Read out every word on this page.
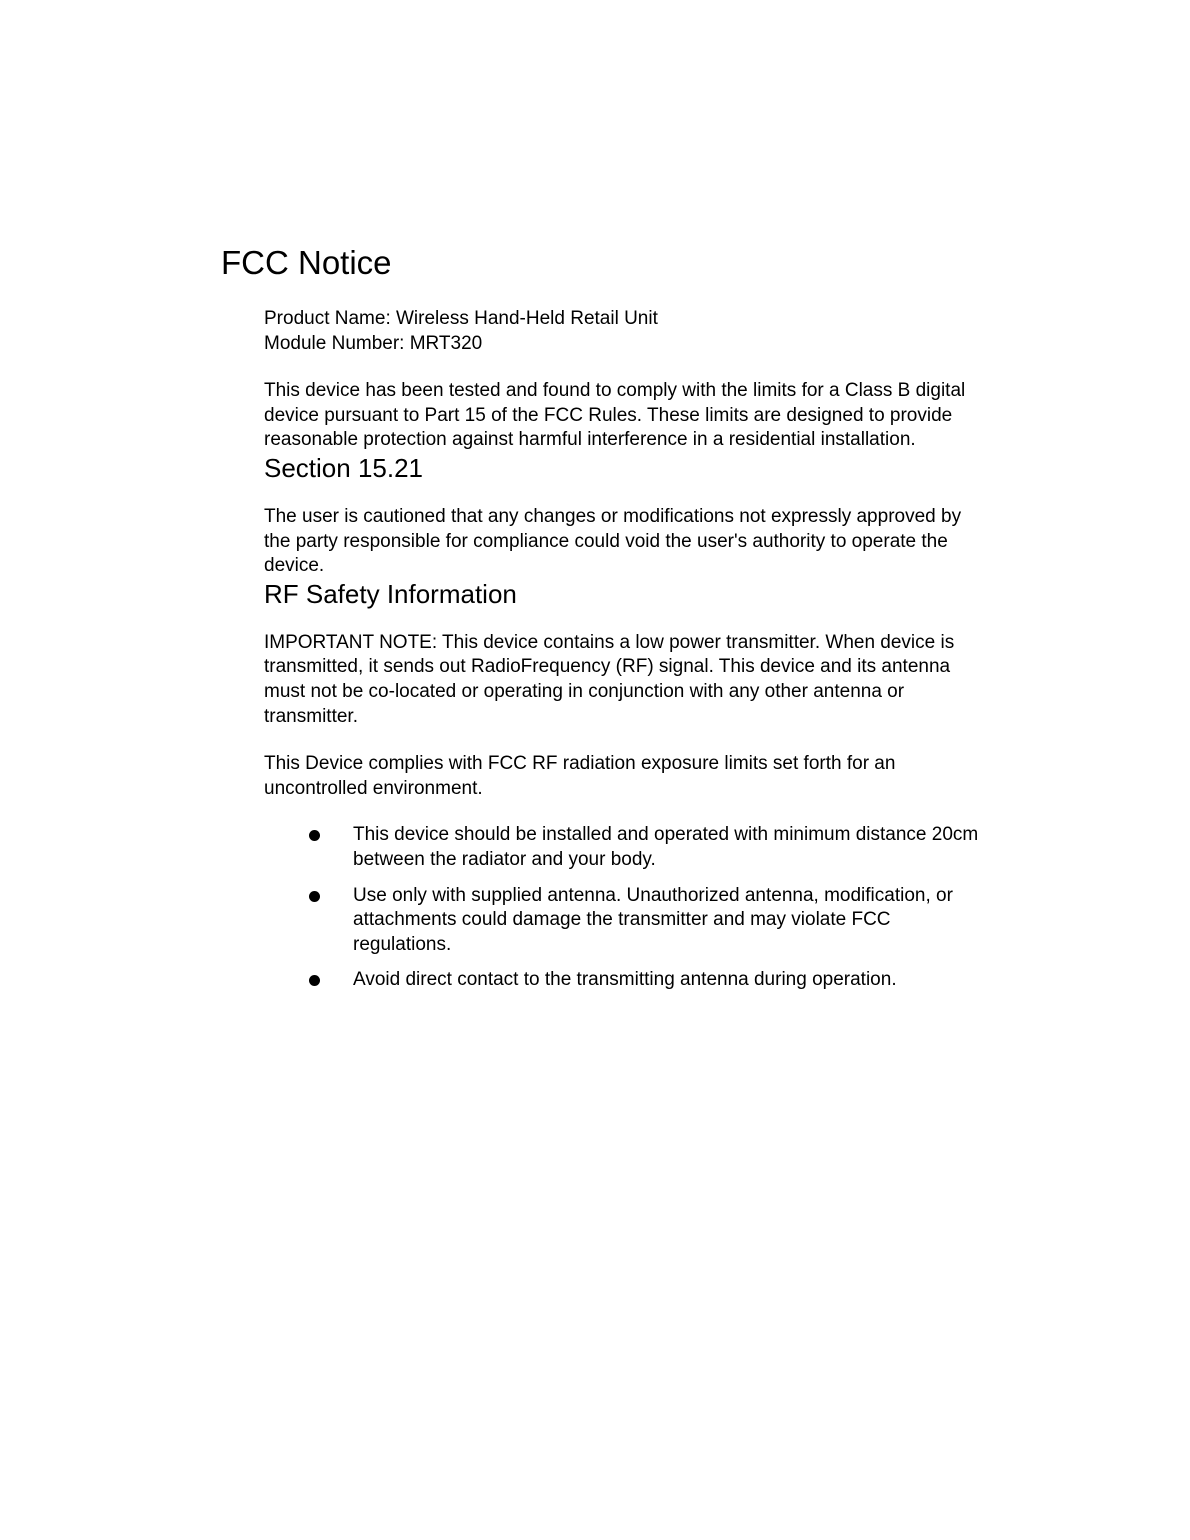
FCC Notice

Product Name: Wireless Hand-Held Retail Unit

Module Number: MRT320

This device has been tested and found to comply with the limits for a Class B digital device pursuant to Part 15 of the FCC Rules. These limits are designed to provide reasonable protection against harmful interference in a residential installation.

Section 15.21

The user is cautioned that any changes or modifications not expressly approved by the party responsible for compliance could void the user's authority to operate the device.

RF Safety Information

IMPORTANT NOTE: This device contains a low power transmitter. When device is transmitted, it sends out RadioFrequency (RF) signal. This device and its antenna must not be co-located or operating in conjunction with any other antenna or transmitter.

This Device complies with FCC RF radiation exposure limits set forth for an uncontrolled environment.

This device should be installed and operated with minimum distance 20cm between the radiator and your body.
Use only with supplied antenna. Unauthorized antenna, modification, or attachments could damage the transmitter and may violate FCC regulations.
Avoid direct contact to the transmitting antenna during operation.
